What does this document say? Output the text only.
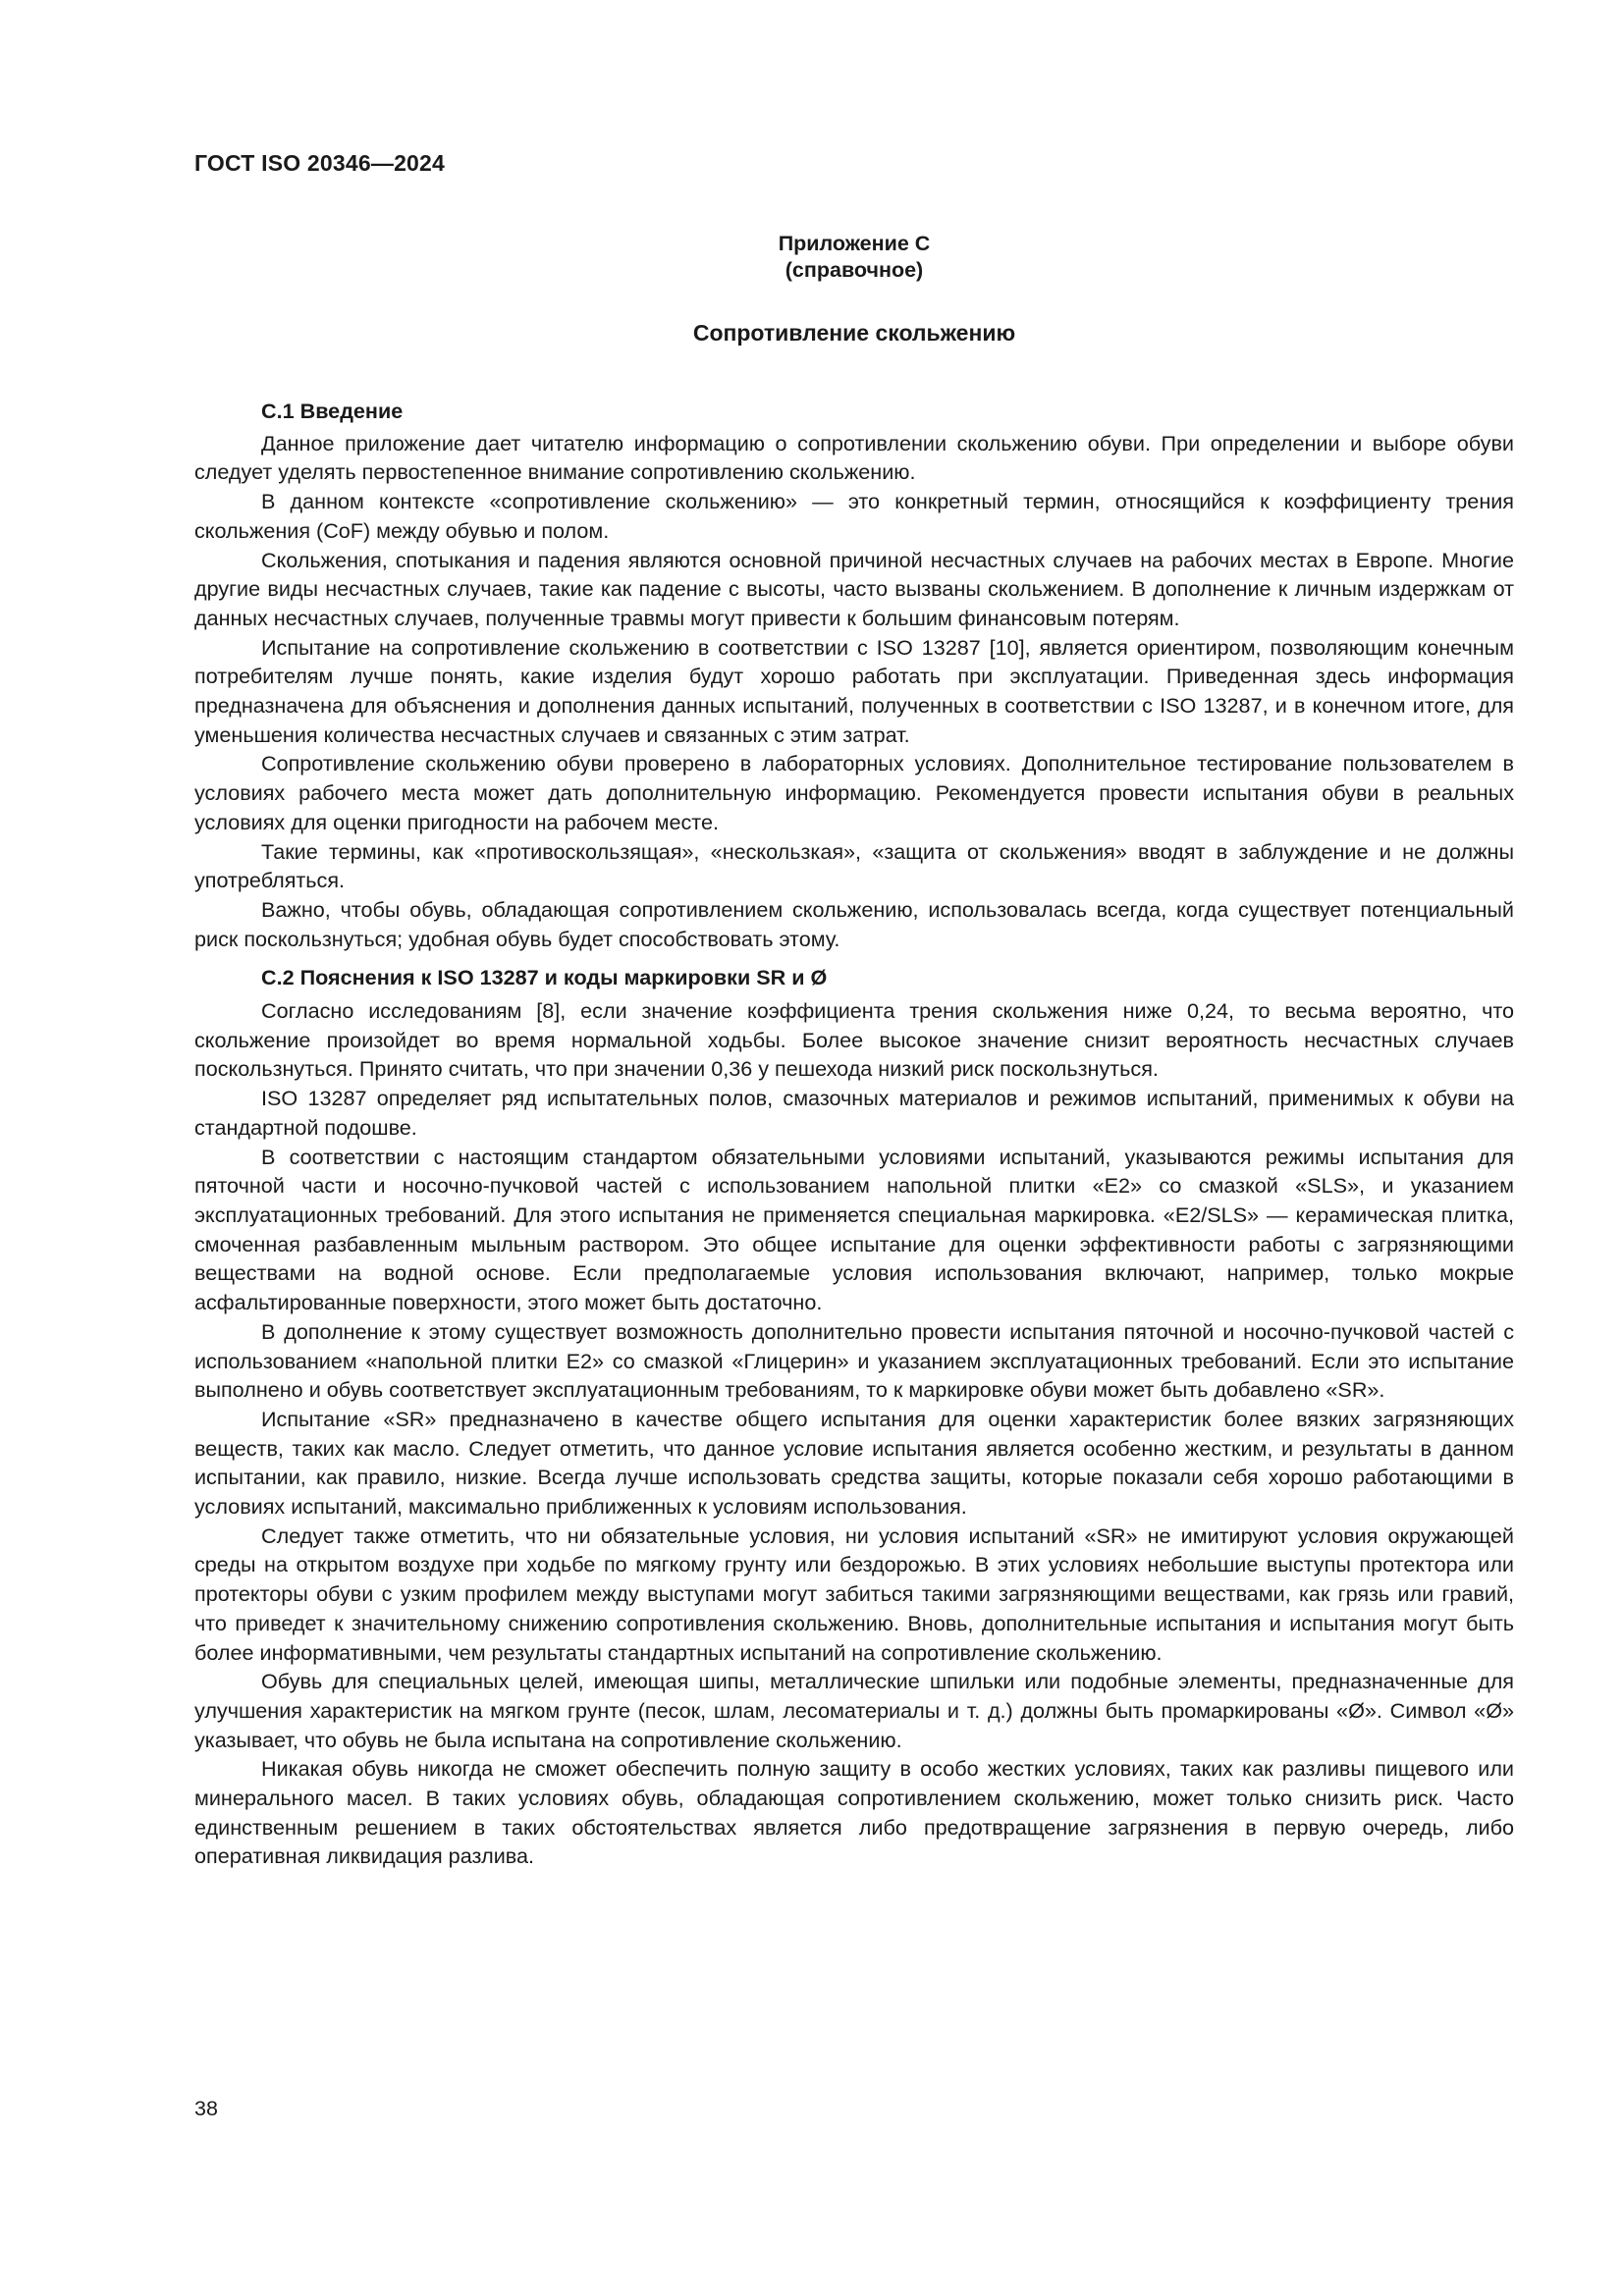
ГОСТ ISO 20346—2024
Приложение С
(справочное)
Сопротивление скольжению
С.1 Введение

Данное приложение дает читателю информацию о сопротивлении скольжению обуви. При определении и выборе обуви следует уделять первостепенное внимание сопротивлению скольжению.

В данном контексте «сопротивление скольжению» — это конкретный термин, относящийся к коэффициенту трения скольжения (CoF) между обувью и полом.

Скольжения, спотыкания и падения являются основной причиной несчастных случаев на рабочих местах в Европе. Многие другие виды несчастных случаев, такие как падение с высоты, часто вызваны скольжением. В дополнение к личным издержкам от данных несчастных случаев, полученные травмы могут привести к большим финансовым потерям.

Испытание на сопротивление скольжению в соответствии с ISO 13287 [10], является ориентиром, позволяющим конечным потребителям лучше понять, какие изделия будут хорошо работать при эксплуатации. Приведенная здесь информация предназначена для объяснения и дополнения данных испытаний, полученных в соответствии с ISO 13287, и в конечном итоге, для уменьшения количества несчастных случаев и связанных с этим затрат.

Сопротивление скольжению обуви проверено в лабораторных условиях. Дополнительное тестирование пользователем в условиях рабочего места может дать дополнительную информацию. Рекомендуется провести испытания обуви в реальных условиях для оценки пригодности на рабочем месте.

Такие термины, как «противоскользящая», «нескользкая», «защита от скольжения» вводят в заблуждение и не должны употребляться.

Важно, чтобы обувь, обладающая сопротивлением скольжению, использовалась всегда, когда существует потенциальный риск поскользнуться; удобная обувь будет способствовать этому.

С.2 Пояснения к ISO 13287 и коды маркировки SR и Ø

Согласно исследованиям [8], если значение коэффициента трения скольжения ниже 0,24, то весьма вероятно, что скольжение произойдет во время нормальной ходьбы. Более высокое значение снизит вероятность несчастных случаев поскользнуться. Принято считать, что при значении 0,36 у пешехода низкий риск поскользнуться.

ISO 13287 определяет ряд испытательных полов, смазочных материалов и режимов испытаний, применимых к обуви на стандартной подошве.

В соответствии с настоящим стандартом обязательными условиями испытаний, указываются режимы испытания для пяточной части и носочно-пучковой частей с использованием напольной плитки «E2» со смазкой «SLS», и указанием эксплуатационных требований. Для этого испытания не применяется специальная маркировка. «E2/SLS» — керамическая плитка, смоченная разбавленным мыльным раствором. Это общее испытание для оценки эффективности работы с загрязняющими веществами на водной основе. Если предполагаемые условия использования включают, например, только мокрые асфальтированные поверхности, этого может быть достаточно.

В дополнение к этому существует возможность дополнительно провести испытания пяточной и носочно-пучковой частей с использованием «напольной плитки E2» со смазкой «Глицерин» и указанием эксплуатационных требований. Если это испытание выполнено и обувь соответствует эксплуатационным требованиям, то к маркировке обуви может быть добавлено «SR».

Испытание «SR» предназначено в качестве общего испытания для оценки характеристик более вязких загрязняющих веществ, таких как масло. Следует отметить, что данное условие испытания является особенно жестким, и результаты в данном испытании, как правило, низкие. Всегда лучше использовать средства защиты, которые показали себя хорошо работающими в условиях испытаний, максимально приближенных к условиям использования.

Следует также отметить, что ни обязательные условия, ни условия испытаний «SR» не имитируют условия окружающей среды на открытом воздухе при ходьбе по мягкому грунту или бездорожью. В этих условиях небольшие выступы протектора или протекторы обуви с узким профилем между выступами могут забиться такими загрязняющими веществами, как грязь или гравий, что приведет к значительному снижению сопротивления скольжению. Вновь, дополнительные испытания и испытания могут быть более информативными, чем результаты стандартных испытаний на сопротивление скольжению.

Обувь для специальных целей, имеющая шипы, металлические шпильки или подобные элементы, предназначенные для улучшения характеристик на мягком грунте (песок, шлам, лесоматериалы и т. д.) должны быть промаркированы «Ø». Символ «Ø» указывает, что обувь не была испытана на сопротивление скольжению.

Никакая обувь никогда не сможет обеспечить полную защиту в особо жестких условиях, таких как разливы пищевого или минерального масел. В таких условиях обувь, обладающая сопротивлением скольжению, может только снизить риск. Часто единственным решением в таких обстоятельствах является либо предотвращение загрязнения в первую очередь, либо оперативная ликвидация разлива.

38
